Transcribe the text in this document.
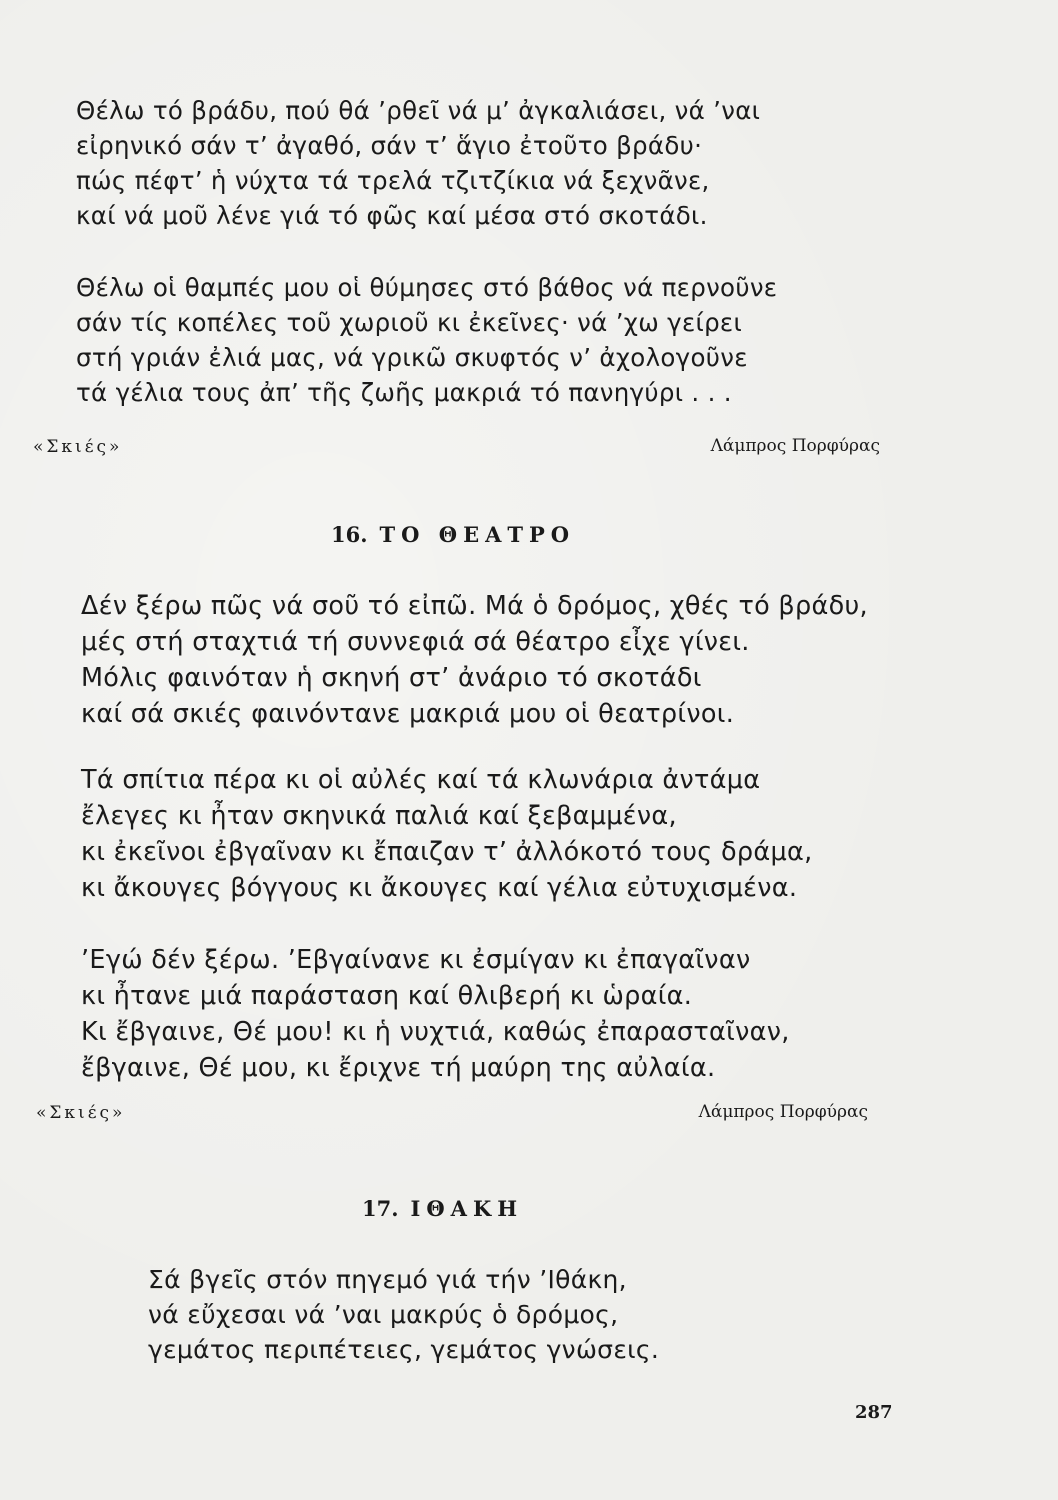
Θέλω τό βράδυ, πού θά ’ρθεῖ νά μ’ ἀγκαλιάσει, νά ’ναι
εἰρηνικό σάν τ’ ἀγαθό, σάν τ’ ἅγιο ἐτοῦτο βράδυ·
πώς πέφτ’ ἡ νύχτα τά τρελά τζιτζίκια νά ξεχνᾶνε,
καί νά μοῦ λένε γιά τό φῶς καί μέσα στό σκοτάδι.
Θέλω οἱ θαμπές μου οἱ θύμησες στό βάθος νά περνοῦνε
σάν τίς κοπέλες τοῦ χωριοῦ κι ἐκεῖνες· νά ’χω γείρει
στή γριάν ἐλιά μας, νά γρικῶ σκυφτός ν’ ἀχολογοῦνε
τά γέλια τους ἀπ’ τῆς ζωῆς μακριά τό πανηγύρι . . .
«Σκιές»	Λάμπρος Πορφύρας
16. ΤΟ ΘΕΑΤΡΟ
Δέν ξέρω πῶς νά σοῦ τό εἰπῶ. Μά ὁ δρόμος, χθές τό βράδυ,
μές στή σταχτιά τή συννεφιά σά θέατρο εἶχε γίνει.
Μόλις φαινόταν ἡ σκηνή στ’ ἀνάριο τό σκοτάδι
καί σά σκιές φαινόντανε μακριά μου οἱ θεατρίνοι.
Τά σπίτια πέρα κι οἱ αὐλές καί τά κλωνάρια ἀντάμα
ἔλεγες κι ἦταν σκηνικά παλιά καί ξεβαμμένα,
κι ἐκεῖνοι ἐβγαῖναν κι ἔπαιζαν τ’ ἀλλόκοτό τους δράμα,
κι ἄκουγες βόγγους κι ἄκουγες καί γέλια εὐτυχισμένα.
’Εγώ δέν ξέρω. ’Εβγαίνανε κι ἐσμίγαν κι ἐπαγαῖναν
κι ἦτανε μιά παράσταση καί θλιβερή κι ὡραία.
Κι ἔβγαινε, Θέ μου! κι ἡ νυχτιά, καθώς ἐπαρασταῖναν,
ἔβγαινε, Θέ μου, κι ἔριχνε τή μαύρη της αὐλαία.
«Σκιές»	Λάμπρος Πορφύρας
17. ΙΘΑΚΗ
Σά βγεῖς στόν πηγεμό γιά τήν ’Ιθάκη,
νά εὔχεσαι νά ’ναι μακρύς ὁ δρόμος,
γεμάτος περιπέτειες, γεμάτος γνώσεις.
287
